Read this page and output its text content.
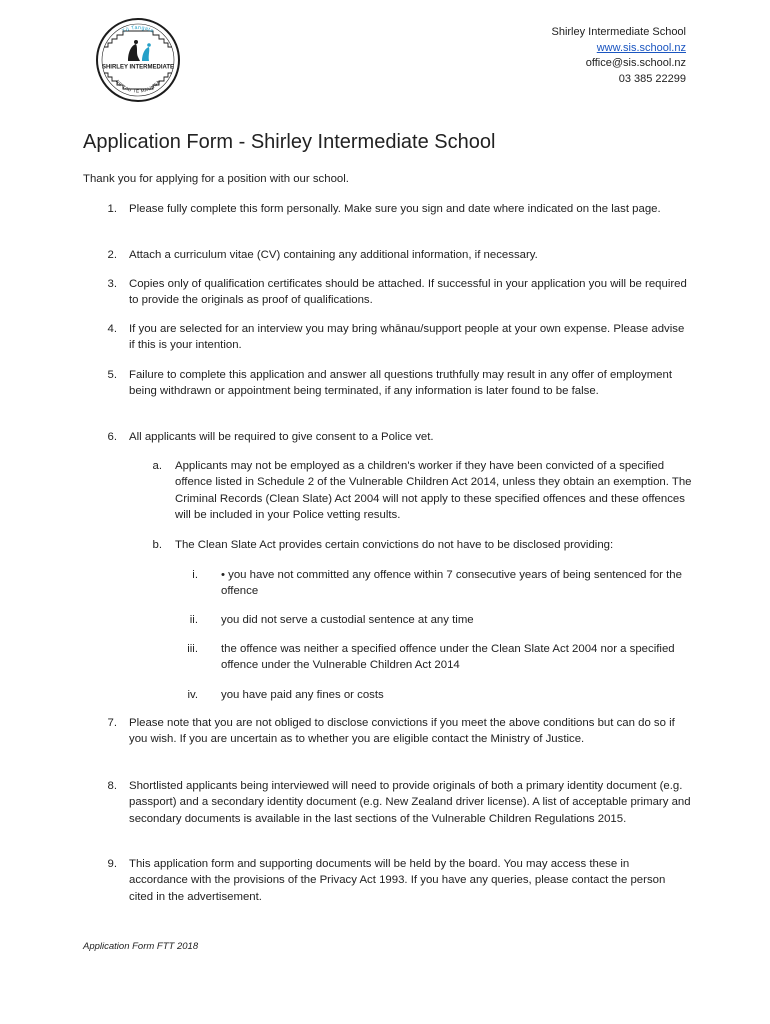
Tū Tangata
SHIRLEY INTERMEDIATE
NE TAU TE MAUNGA
Shirley Intermediate School
www.sis.school.nz
office@sis.school.nz
03 385 22299
Application Form - Shirley Intermediate School
Thank you for applying for a position with our school.
1. Please fully complete this form personally. Make sure you sign and date where indicated on the last page.
2. Attach a curriculum vitae (CV) containing any additional information, if necessary.
3. Copies only of qualification certificates should be attached. If successful in your application you will be required to provide the originals as proof of qualifications.
4. If you are selected for an interview you may bring whānau/support people at your own expense. Please advise if this is your intention.
5. Failure to complete this application and answer all questions truthfully may result in any offer of employment being withdrawn or appointment being terminated, if any information is later found to be false.
6. All applicants will be required to give consent to a Police vet.
a. Applicants may not be employed as a children's worker if they have been convicted of a specified offence listed in Schedule 2 of the Vulnerable Children Act 2014, unless they obtain an exemption. The Criminal Records (Clean Slate) Act 2004 will not apply to these specified offences and these offences will be included in your Police vetting results.
b. The Clean Slate Act provides certain convictions do not have to be disclosed providing:
i. • you have not committed any offence within 7 consecutive years of being sentenced for the offence
ii. you did not serve a custodial sentence at any time
iii. the offence was neither a specified offence under the Clean Slate Act 2004 nor a specified offence under the Vulnerable Children Act 2014
iv. you have paid any fines or costs
7. Please note that you are not obliged to disclose convictions if you meet the above conditions but can do so if you wish. If you are uncertain as to whether you are eligible contact the Ministry of Justice.
8. Shortlisted applicants being interviewed will need to provide originals of both a primary identity document (e.g. passport) and a secondary identity document (e.g. New Zealand driver license). A list of acceptable primary and secondary documents is available in the last sections of the Vulnerable Children Regulations 2015.
9. This application form and supporting documents will be held by the board. You may access these in accordance with the provisions of the Privacy Act 1993. If you have any queries, please contact the person cited in the advertisement.
Application Form FTT 2018
